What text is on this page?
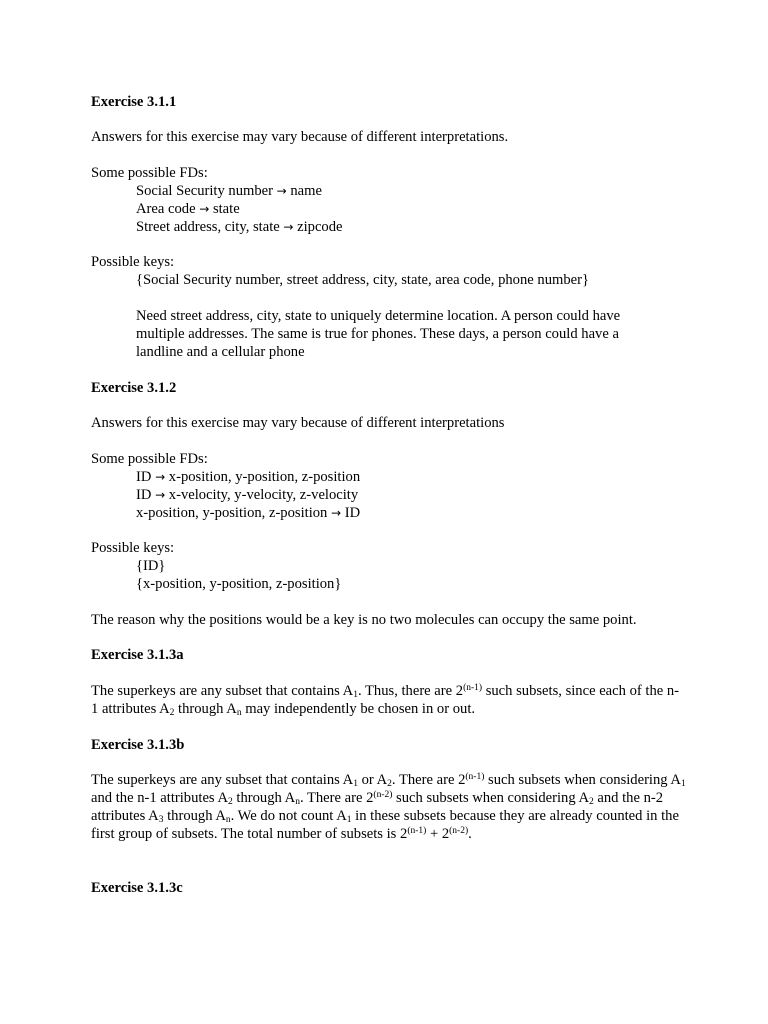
Exercise 3.1.1

Answers for this exercise may vary because of different interpretations.

Some possible FDs:

Social Security number → name

Area code → state

Street address, city, state → zipcode

Possible keys:

{Social Security number, street address, city, state, area code, phone number}

Need street address, city, state to uniquely determine location. A person could have multiple addresses. The same is true for phones. These days, a person could have a landline and a cellular phone

Exercise 3.1.2

Answers for this exercise may vary because of different interpretations

Some possible FDs:

ID → x-position, y-position, z-position

ID → x-velocity, y-velocity, z-velocity

x-position, y-position, z-position → ID

Possible keys:

{ID}

{x-position, y-position, z-position}

The reason why the positions would be a key is no two molecules can occupy the same point.

Exercise 3.1.3a

The superkeys are any subset that contains $A_1$. Thus, there are 2$^{(n-1)}$ such subsets, since each of the n-1 attributes $A_2$ through $A_n$ may independently be chosen in or out.

Exercise 3.1.3b

The superkeys are any subset that contains $A_1$ or $A_2$. There are 2$^{(n-1)}$ such subsets when considering $A_1$ and the n-1 attributes $A_2$ through $A_n$. There are 2$^{(n-2)}$ such subsets when considering $A_2$ and the n-2 attributes $A_3$ through $A_n$. We do not count $A_1$ in these subsets because they are already counted in the first group of subsets. The total number of subsets is $2^{(n-1)} + 2^{(n-2)}$.

Exercise 3.1.3c
